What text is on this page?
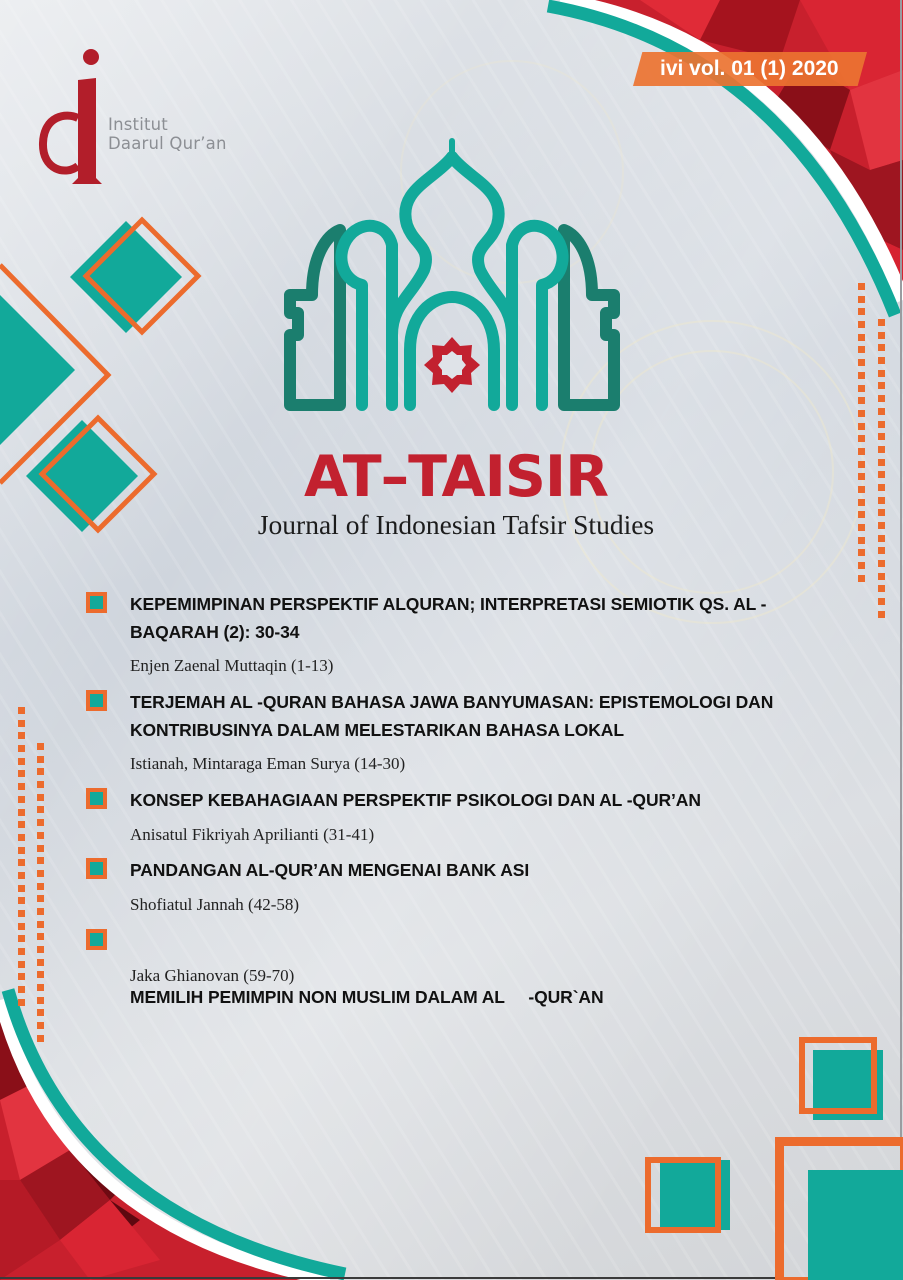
Institut
Daarul Qur’an
ivi vol. 01 (1) 2020
AT–TAISIR
Journal of Indonesian Tafsir Studies
KEPEMIMPINAN PERSPEKTIF ALQURAN; INTERPRETASI SEMIOTIK QS. AL -
BAQARAH (2): 30-34
Enjen Zaenal Muttaqin (1-13)
TERJEMAH AL -QURAN BAHASA JAWA BANYUMASAN: EPISTEMOLOGI DAN
KONTRIBUSINYA DALAM MELESTARIKAN BAHASA LOKAL
Istianah, Mintaraga Eman Surya (14-30)
KONSEP KEBAHAGIAAN PERSPEKTIF PSIKOLOGI DAN AL -QUR’AN
Anisatul Fikriyah Aprilianti (31-41)
PANDANGAN AL-QUR’AN MENGENAI BANK ASI
Shofiatul Jannah (42-58)

MEMILIH PEMIMPIN NON MUSLIM DALAM AL     -QUR`AN

Jaka Ghianovan (59-70)
